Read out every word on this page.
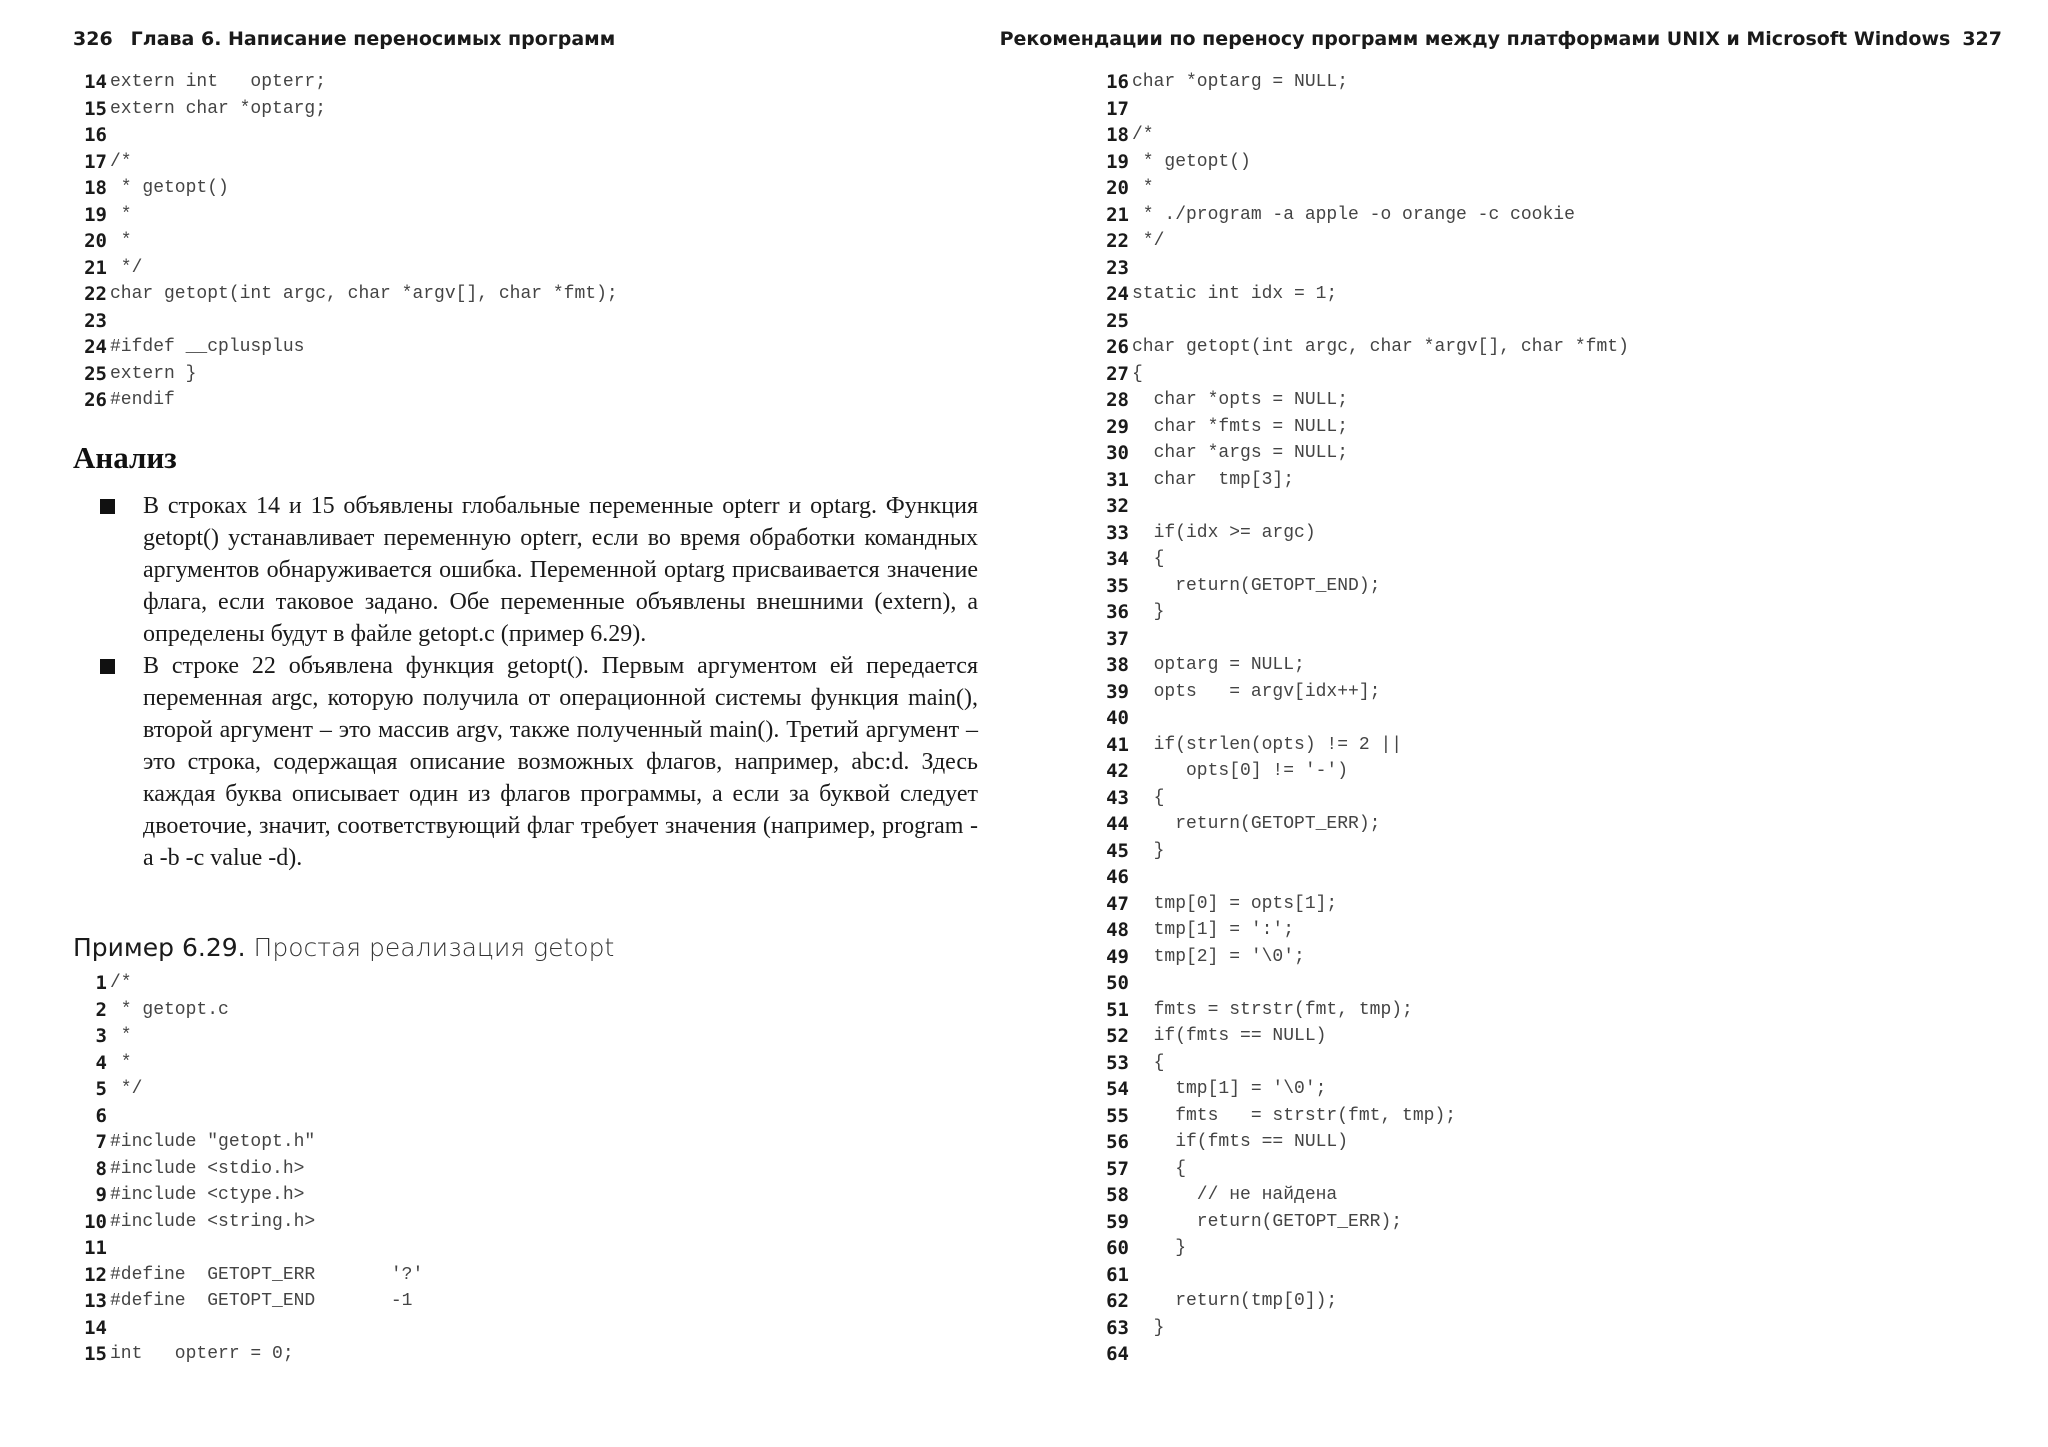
326 Глава 6. Написание переносимых программ
14 extern int   opterr;
15 extern char *optarg;
16
17 /*
18 * getopt()
19 *
20 *
21 */
22 char getopt(int argc, char *argv[], char *fmt);
23
24 #ifdef __cplusplus
25 extern }
26 #endif
Анализ
В строках 14 и 15 объявлены глобальные переменные opterr и optarg. Функция getopt() устанавливает переменную opterr, если во время обработки командных аргументов обнаруживается ошибка. Переменной optarg присваивается значение флага, если таковое задано. Обе переменные объявлены внешними (extern), а определены будут в файле getopt.c (пример 6.29).
В строке 22 объявлена функция getopt(). Первым аргументом ей передается переменная argc, которую получила от операционной системы функция main(), второй аргумент – это массив argv, также полученный main(). Третий аргумент – это строка, содержащая описание возможных флагов, например, abc:d. Здесь каждая буква описывает один из флагов программы, а если за буквой следует двоеточие, значит, соответствующий флаг требует значения (например, program -a -b -c value -d).
Пример 6.29. Простая реализация getopt
1 /*
2 * getopt.c
3 *
4 *
5 */
6
7 #include "getopt.h"
8 #include <stdio.h>
9 #include <ctype.h>
10 #include <string.h>
11
12 #define  GETOPT_ERR       '?'
13 #define  GETOPT_END       -1
14
15 int   opterr = 0;
Рекомендации по переносу программ между платформами UNIX и Microsoft Windows 327
16 char *optarg = NULL;
17
18 /*
19 * getopt()
20 *
21 * ./program -a apple -o orange -c cookie
22 */
23
24 static int idx = 1;
25
26 char getopt(int argc, char *argv[], char *fmt)
27 {
28 char *opts = NULL;
29 char *fmts = NULL;
30 char *args = NULL;
31 char  tmp[3];
32
33 if(idx >= argc)
34 {
35 return(GETOPT_END);
36 }
37
38 optarg = NULL;
39 opts   = argv[idx++];
40
41 if(strlen(opts) != 2 ||
42 opts[0] != '-')
43 {
44 return(GETOPT_ERR);
45 }
46
47 tmp[0] = opts[1];
48 tmp[1] = ':';
49 tmp[2] = '\0';
50
51 fmts = strstr(fmt, tmp);
52 if(fmts == NULL)
53 {
54 tmp[1] = '\0';
55 fmts   = strstr(fmt, tmp);
56 if(fmts == NULL)
57 {
58 // не найдена
59 return(GETOPT_ERR);
60 }
61
62 return(tmp[0]);
63 }
64
